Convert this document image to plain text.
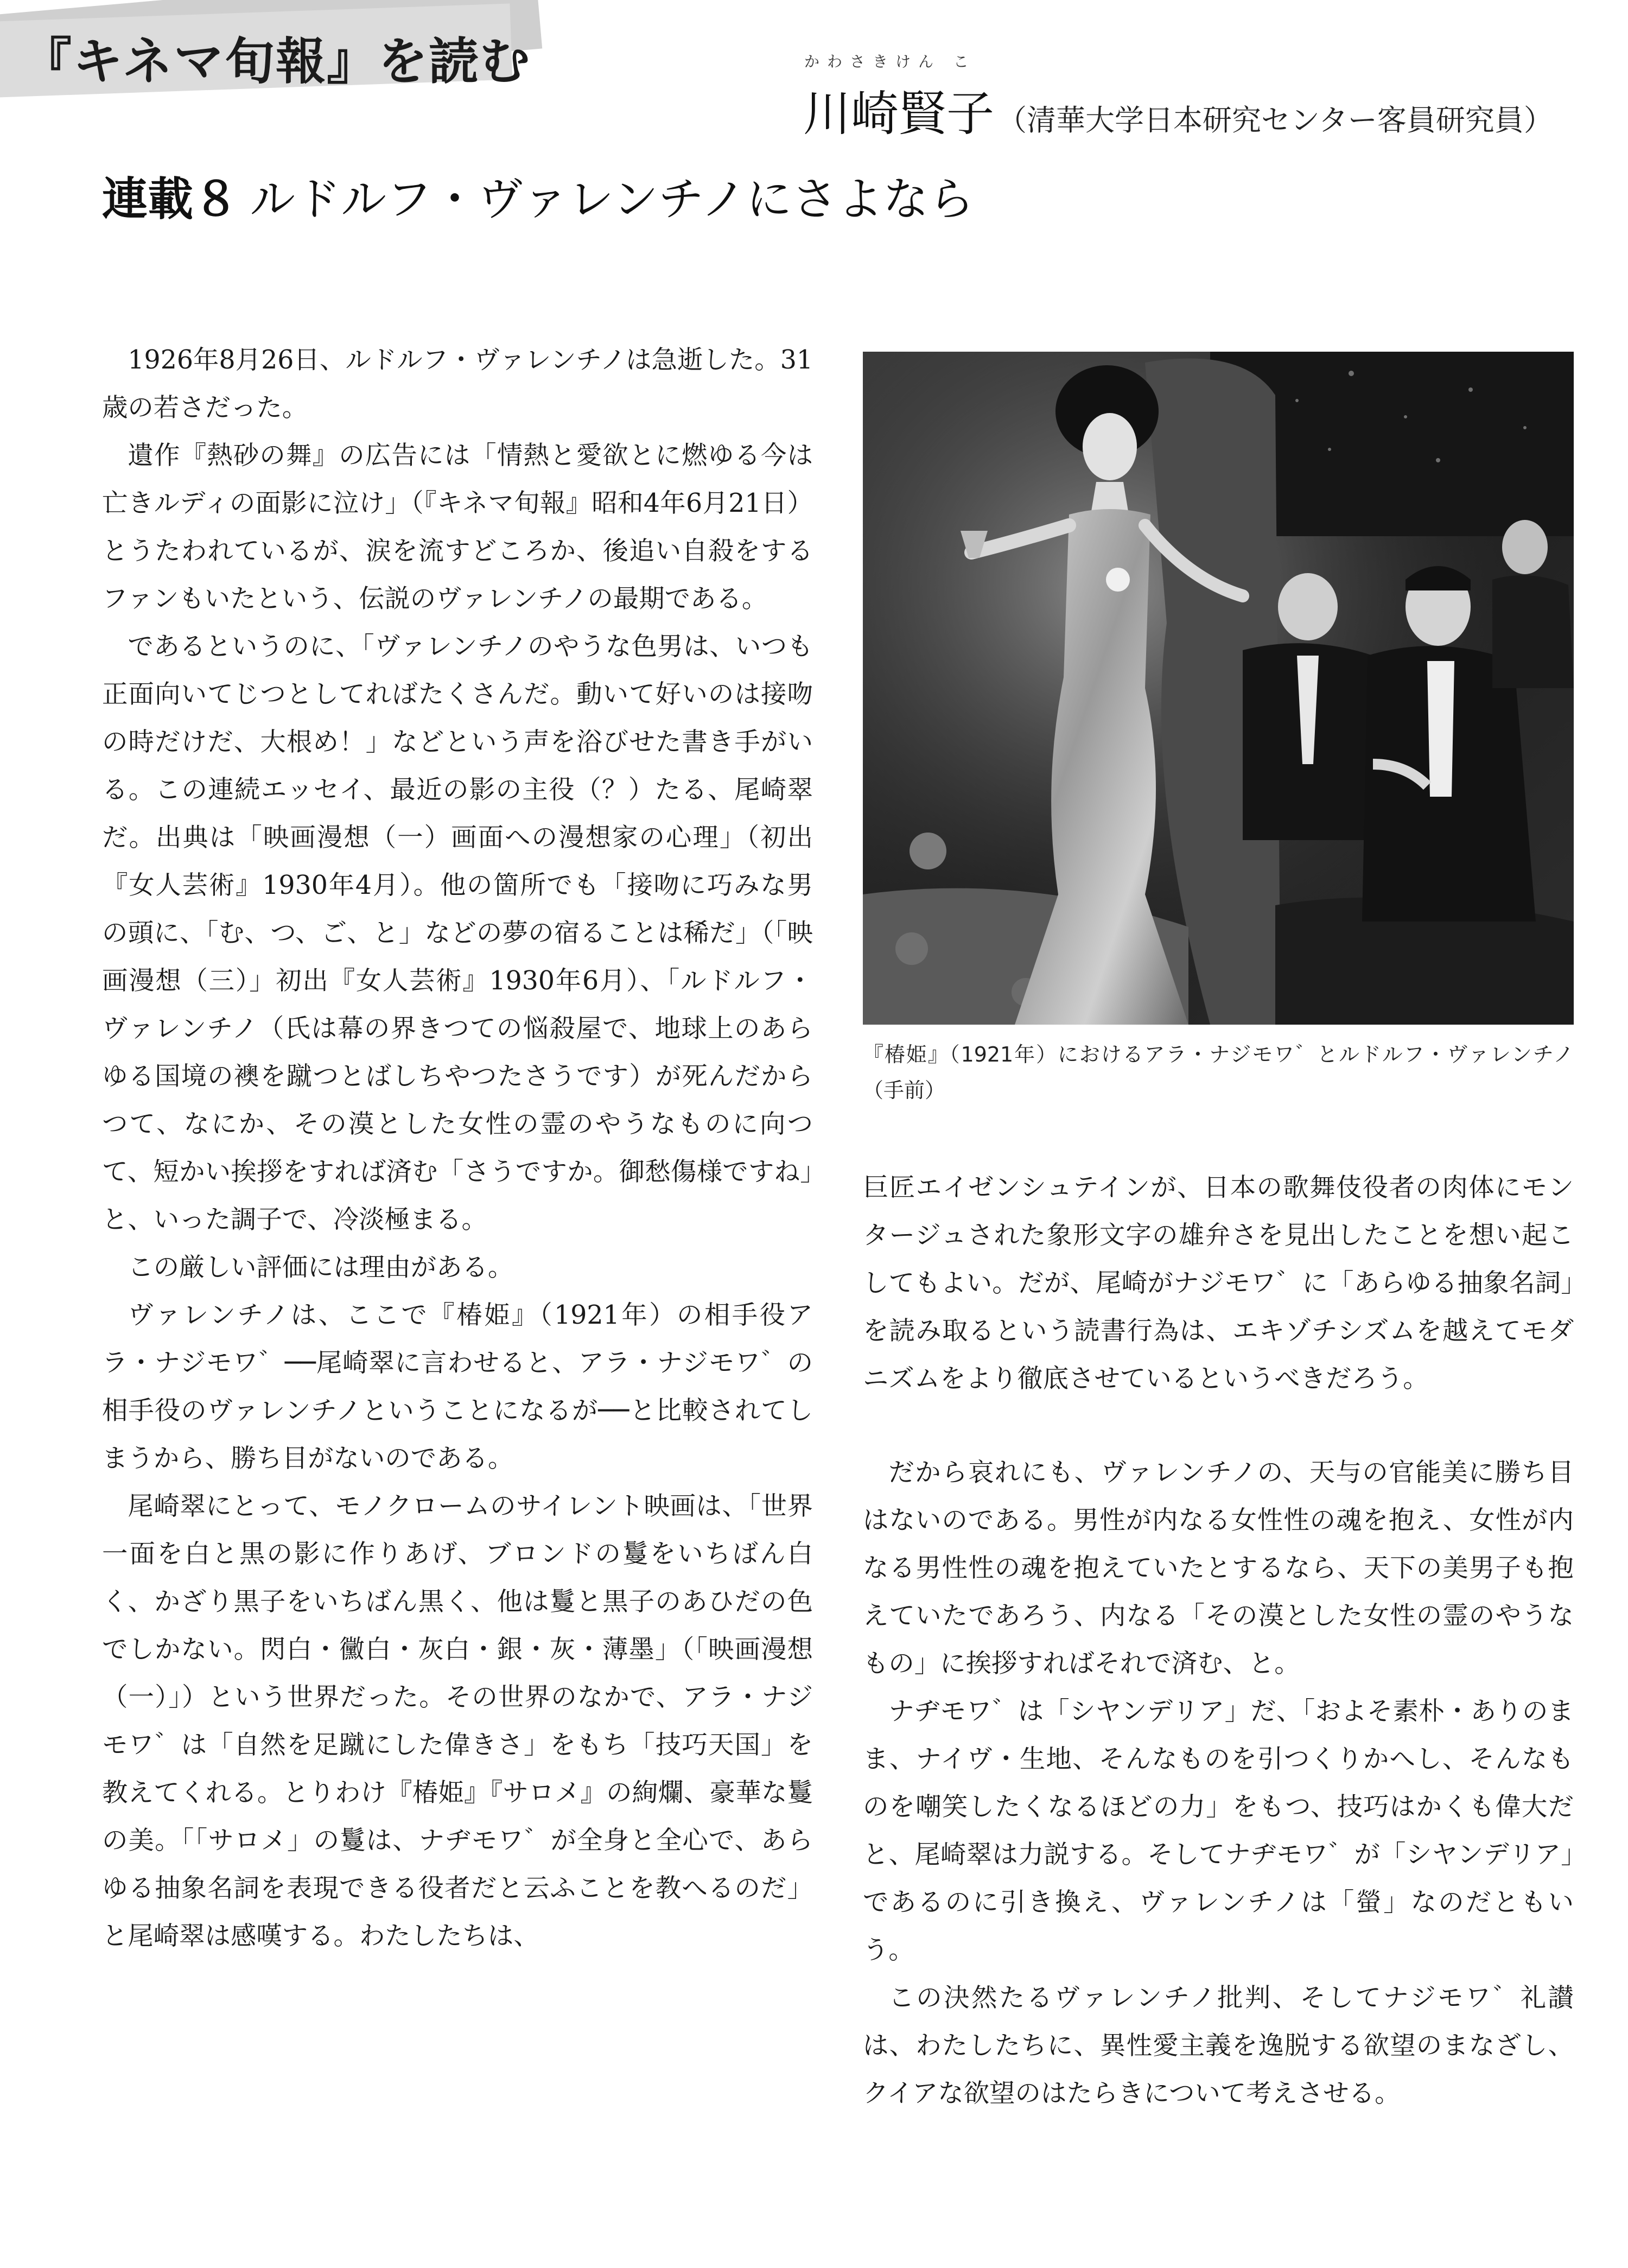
『キネマ旬報』を読む	かわさきけん こ

川崎賢子 （清華大学日本研究センター客員研究員）
連載８ ルドルフ・ヴァレンチノにさよなら

1926年8月26日、ルドルフ・ヴァレンチノは急逝した。31歳の若さだった。

遺作『熱砂の舞』の広告には「情熱と愛欲とに燃ゆる今は亡きルディの面影に泣け」（『キネマ旬報』昭和4年6月21日）とうたわれているが、涙を流すどころか、後追い自殺をするファンもいたという、伝説のヴァレンチノの最期である。

であるというのに、「ヴァレンチノのやうな色男は、いつも正面向いてじつとしてればたくさんだ。動いて好いのは接吻の時だけだ、大根め！」などという声を浴びせた書き手がいる。この連続エッセイ、最近の影の主役（？）たる、尾崎翠だ。出典は「映画漫想（一）画面への漫想家の心理」（初出『女人芸術』1930年4月）。他の箇所でも「接吻に巧みな男の頭に、「む、つ、ご、と」などの夢の宿ることは稀だ」（「映画漫想（三）」初出『女人芸術』1930年6月）、「ルドルフ・ヴァレンチノ（氏は幕の界きつての悩殺屋で、地球上のあらゆる国境の襖を蹴つとばしちやつたさうです）が死んだからつて、なにか、その漠とした女性の霊のやうなものに向つて、短かい挨拶をすれば済む「さうですか。御愁傷様ですね」と、いった調子で、冷淡極まる。

この厳しい評価には理由がある。

ヴァレンチノは、ここで『椿姫』（1921年）の相手役アラ・ナジモワ゛──尾崎翠に言わせると、アラ・ナジモワ゛の相手役のヴァレンチノということになるが──と比較されてしまうから、勝ち目がないのである。

尾崎翠にとって、モノクロームのサイレント映画は、「世界一面を白と黒の影に作りあげ、ブロンドの鬘をいちばん白く、かざり黒子をいちばん黒く、他は鬘と黒子のあひだの色でしかない。閃白・黴白・灰白・銀・灰・薄墨」（「映画漫想（一）」）という世界だった。その世界のなかで、アラ・ナジモワ゛は「自然を足蹴にした偉きさ」をもち「技巧天国」を教えてくれる。とりわけ『椿姫』『サロメ』の絢爛、豪華な鬘の美。「「サロメ」の鬘は、ナヂモワ゛が全身と全心で、あらゆる抽象名詞を表現できる役者だと云ふことを教へるのだ」と尾崎翠は感嘆する。わたしたちは、

『椿姫』（1921年）におけるアラ・ナジモワ゛とルドルフ・ヴァレンチノ（手前）

巨匠エイゼンシュテインが、日本の歌舞伎役者の肉体にモンタージュされた象形文字の雄弁さを見出したことを想い起こしてもよい。だが、尾崎がナジモワ゛に「あらゆる抽象名詞」を読み取るという読書行為は、エキゾチシズムを越えてモダニズムをより徹底させているというべきだろう。

だから哀れにも、ヴァレンチノの、天与の官能美に勝ち目はないのである。男性が内なる女性性の魂を抱え、女性が内なる男性性の魂を抱えていたとするなら、天下の美男子も抱えていたであろう、内なる「その漠とした女性の霊のやうなもの」に挨拶すればそれで済む、と。

ナヂモワ゛は「シヤンデリア」だ、「およそ素朴・ありのまま、ナイヴ・生地、そんなものを引つくりかへし、そんなものを嘲笑したくなるほどの力」をもつ、技巧はかくも偉大だと、尾崎翠は力説する。そしてナヂモワ゛が「シヤンデリア」であるのに引き換え、ヴァレンチノは「螢」なのだともいう。

この決然たるヴァレンチノ批判、そしてナジモワ゛礼讃は、わたしたちに、異性愛主義を逸脱する欲望のまなざし、クイアな欲望のはたらきについて考えさせる。
